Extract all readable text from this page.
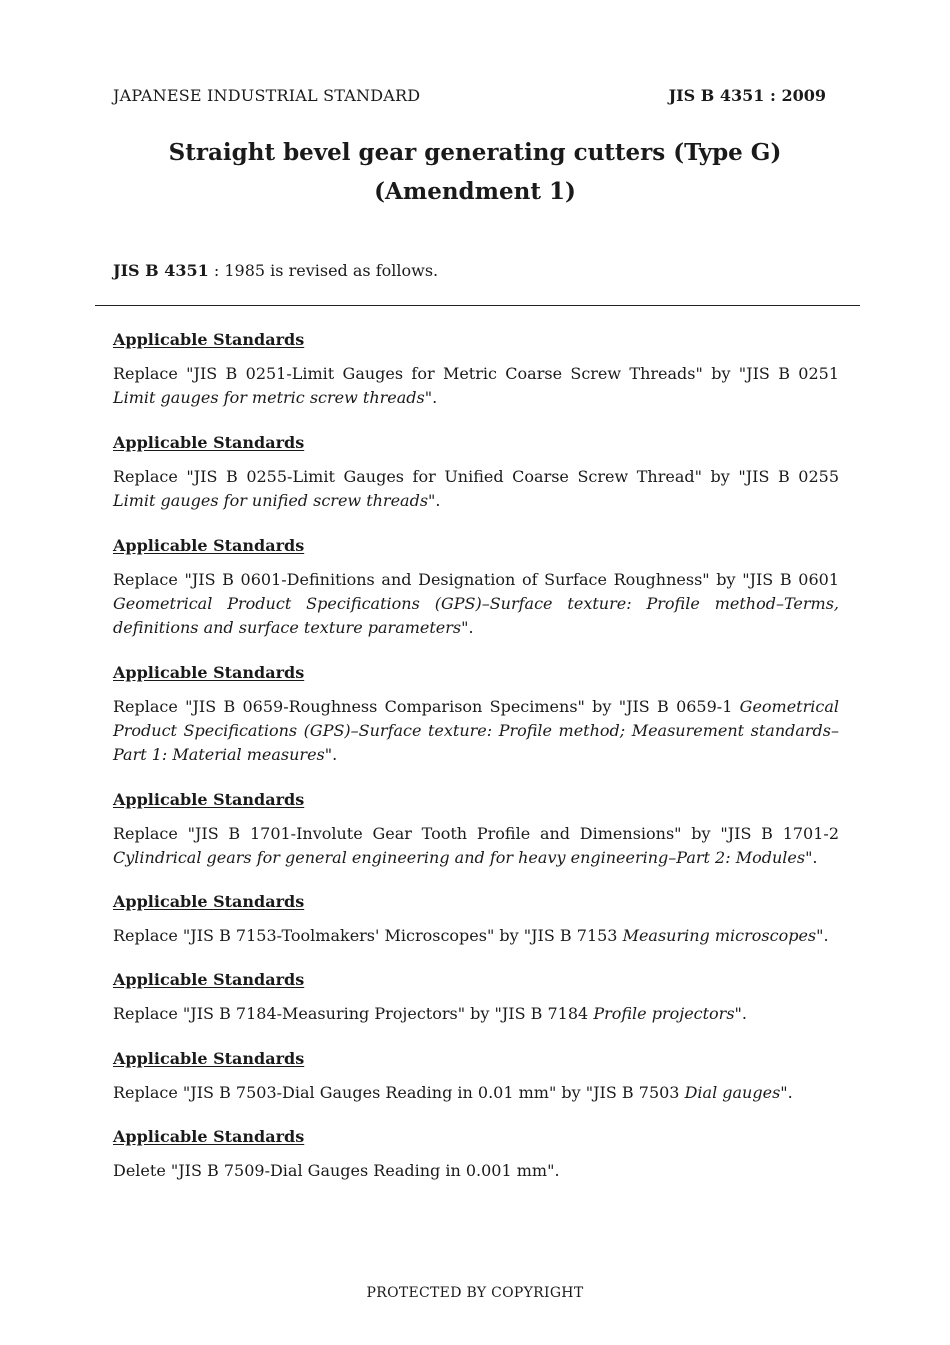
JAPANESE INDUSTRIAL STANDARD	JIS B 4351 : 2009
Straight bevel gear generating cutters (Type G)
(Amendment 1)
JIS B 4351 : 1985 is revised as follows.
Applicable Standards
Replace "JIS B 0251-Limit Gauges for Metric Coarse Screw Threads" by "JIS B 0251 Limit gauges for metric screw threads".
Applicable Standards
Replace "JIS B 0255-Limit Gauges for Unified Coarse Screw Thread" by "JIS B 0255 Limit gauges for unified screw threads".
Applicable Standards
Replace "JIS B 0601-Definitions and Designation of Surface Roughness" by "JIS B 0601 Geometrical Product Specifications (GPS)–Surface texture: Profile method–Terms, definitions and surface texture parameters".
Applicable Standards
Replace "JIS B 0659-Roughness Comparison Specimens" by "JIS B 0659-1 Geometrical Product Specifications (GPS)–Surface texture: Profile method; Measurement standards–Part 1: Material measures".
Applicable Standards
Replace "JIS B 1701-Involute Gear Tooth Profile and Dimensions" by "JIS B 1701-2 Cylindrical gears for general engineering and for heavy engineering–Part 2: Modules".
Applicable Standards
Replace "JIS B 7153-Toolmakers' Microscopes" by "JIS B 7153 Measuring microscopes".
Applicable Standards
Replace "JIS B 7184-Measuring Projectors" by "JIS B 7184 Profile projectors".
Applicable Standards
Replace "JIS B 7503-Dial Gauges Reading in 0.01 mm" by "JIS B 7503 Dial gauges".
Applicable Standards
Delete "JIS B 7509-Dial Gauges Reading in 0.001 mm".
PROTECTED BY COPYRIGHT
